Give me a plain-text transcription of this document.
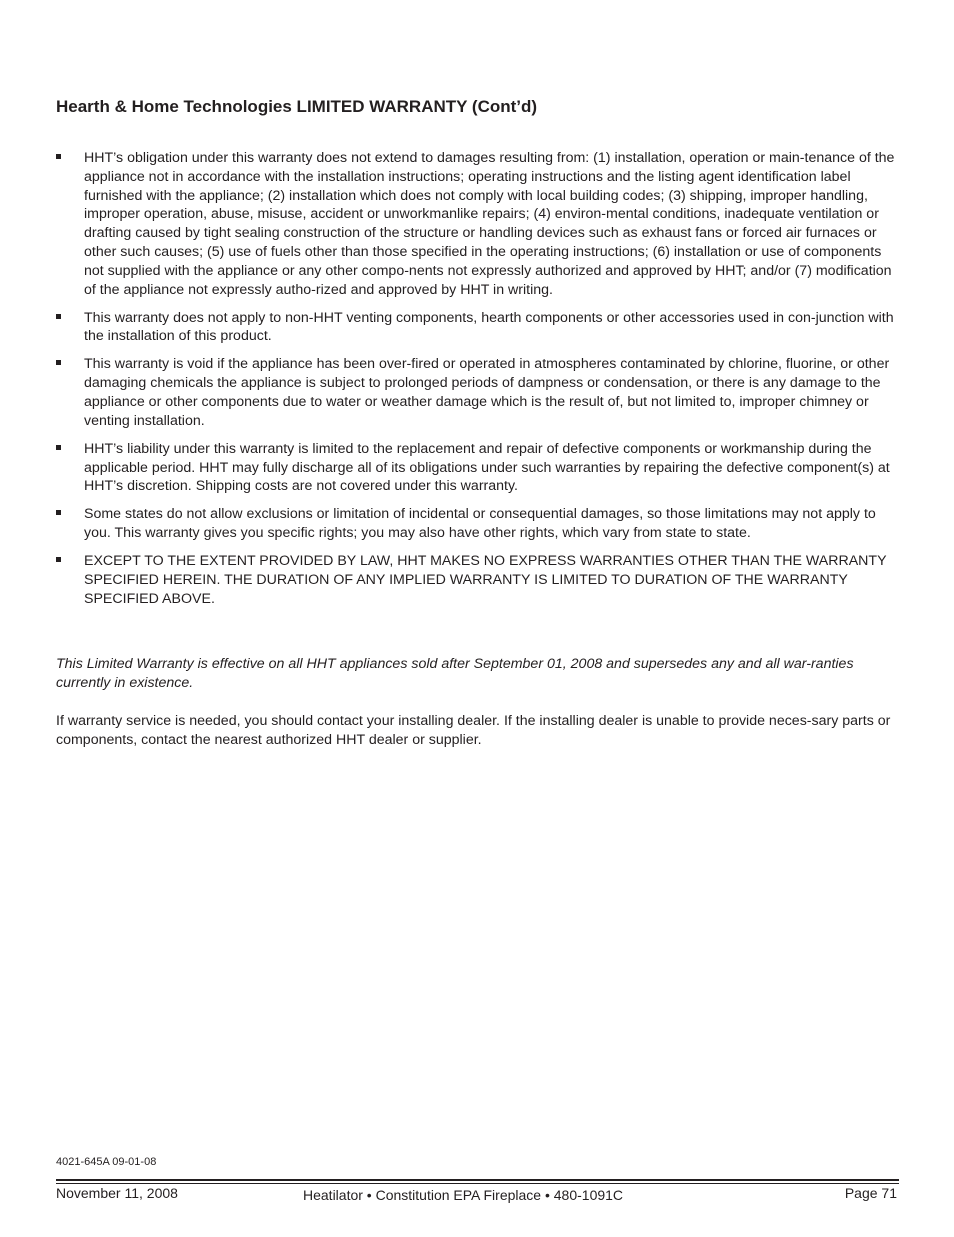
Hearth & Home Technologies LIMITED WARRANTY (Cont’d)
HHT’s obligation under this warranty does not extend to damages resulting from: (1) installation, operation or main-tenance of the appliance not in accordance with the installation instructions; operating instructions and the listing agent identification label furnished with the appliance; (2) installation which does not comply with local building codes; (3) shipping, improper handling, improper operation, abuse, misuse, accident or unworkmanlike repairs; (4) environ-mental conditions, inadequate ventilation or drafting caused by tight sealing construction of the structure or handling devices such as exhaust fans or forced air furnaces or other such causes; (5) use of fuels other than those specified in the operating instructions; (6) installation or use of components not supplied with the appliance or any other compo-nents not expressly authorized and approved by HHT; and/or (7) modification of the appliance not expressly autho-rized and approved by HHT in writing.
This warranty does not apply to non-HHT venting components, hearth components or other accessories used in con-junction with the installation of this product.
This warranty is void if the appliance has been over-fired or operated in atmospheres contaminated by chlorine, fluorine, or other damaging chemicals the appliance is subject to prolonged periods of dampness or condensation, or there is any damage to the appliance or other components due to water or weather damage which is the result of, but not limited to, improper chimney or venting installation.
HHT’s liability under this warranty is limited to the replacement and repair of defective components or workmanship during the applicable period. HHT may fully discharge all of its obligations under such warranties by repairing the defective component(s) at HHT’s discretion. Shipping costs are not covered under this warranty.
Some states do not allow exclusions or limitation of incidental or consequential damages, so those limitations may not apply to you. This warranty gives you specific rights; you may also have other rights, which vary from state to state.
EXCEPT TO THE EXTENT PROVIDED BY LAW, HHT MAKES NO EXPRESS WARRANTIES OTHER THAN THE WARRANTY SPECIFIED HEREIN. THE DURATION OF ANY IMPLIED WARRANTY IS LIMITED TO DURATION OF THE WARRANTY SPECIFIED ABOVE.

This Limited Warranty is effective on all HHT appliances sold after September 01, 2008 and supersedes any and all war-ranties currently in existence.

If warranty service is needed, you should contact your installing dealer. If the installing dealer is unable to provide neces-sary parts or components, contact the nearest authorized HHT dealer or supplier.

4021-645A 09-01-08
November 11, 2008	Heatilator • Constitution EPA Fireplace • 480-1091C	Page 71
